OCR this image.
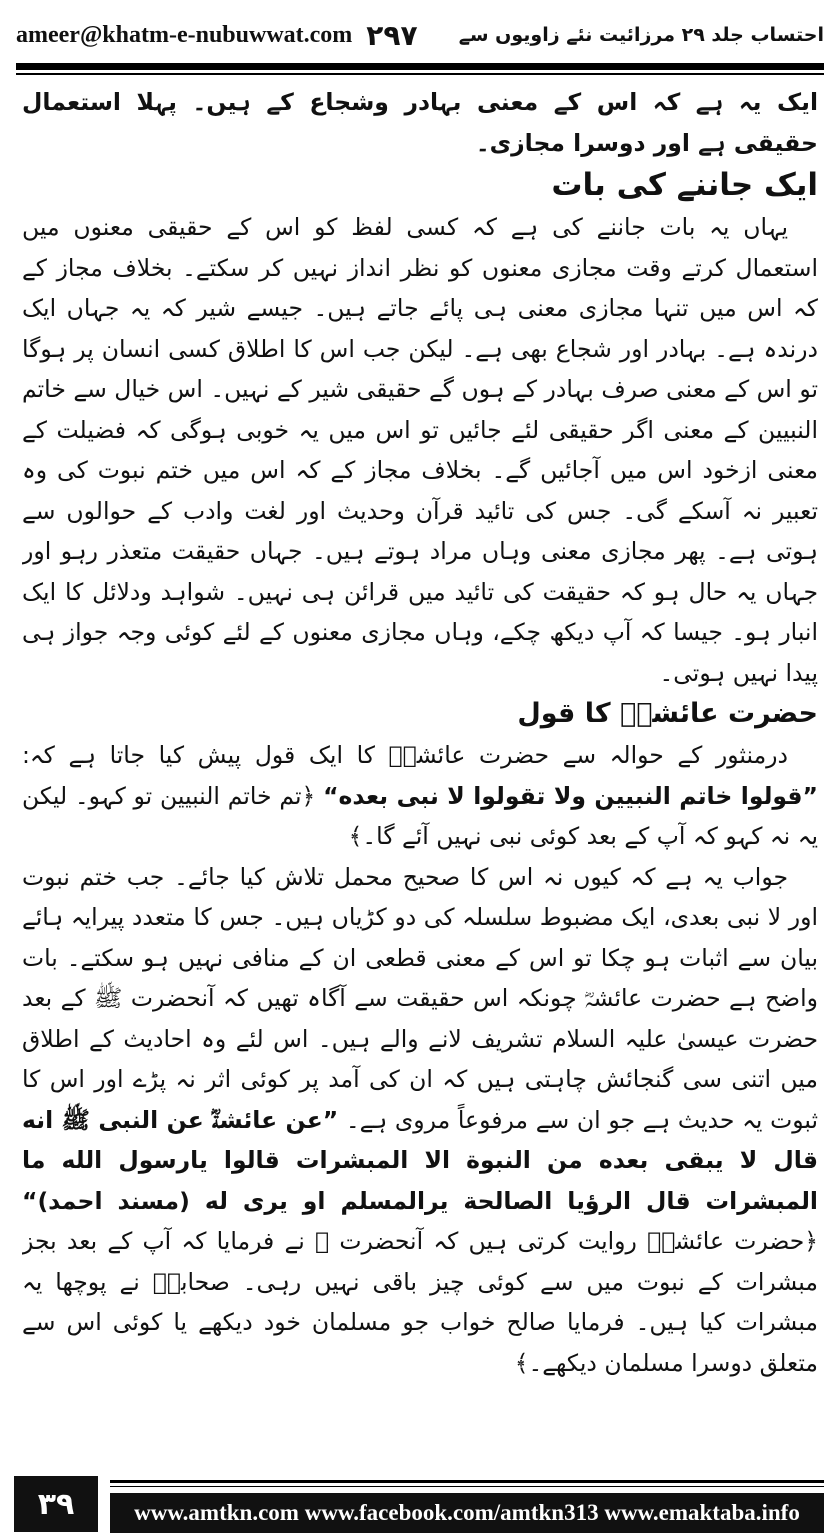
ameer@khatm-e-nubuwwat.com ۲۹۷ احتساب جلد ۲۹ مرزائیت نئے زاویوں سے

ایک یہ ہے کہ اس کے معنی بہادر وشجاع کے ہیں۔ پہلا استعمال حقیقی ہے اور دوسرا مجازی۔

ایک جاننے کی بات

یہاں یہ بات جاننے کی ہے کہ کسی لفظ کو اس کے حقیقی معنوں میں استعمال کرتے وقت مجازی معنوں کو نظر انداز نہیں کر سکتے۔ بخلاف مجاز کے کہ اس میں تنہا مجازی معنی ہی پائے جاتے ہیں۔ جیسے شیر کہ یہ جہاں ایک درندہ ہے۔ بہادر اور شجاع بھی ہے۔ لیکن جب اس کا اطلاق کسی انسان پر ہوگا تو اس کے معنی صرف بہادر کے ہوں گے حقیقی شیر کے نہیں۔ اس خیال سے خاتم النبیین کے معنی اگر حقیقی لئے جائیں تو اس میں یہ خوبی ہوگی کہ فضیلت کے معنی ازخود اس میں آجائیں گے۔ بخلاف مجاز کے کہ اس میں ختم نبوت کی وہ تعبیر نہ آسکے گی۔ جس کی تائید قرآن وحدیث اور لغت وادب کے حوالوں سے ہوتی ہے۔ پھر مجازی معنی وہاں مراد ہوتے ہیں۔ جہاں حقیقت متعذر رہو اور جہاں یہ حال ہو کہ حقیقت کی تائید میں قرائن ہی نہیں۔ شواہد ودلائل کا ایک انبار ہو۔ جیسا کہ آپ دیکھ چکے، وہاں مجازی معنوں کے لئے کوئی وجہ جواز ہی پیدا نہیں ہوتی۔

حضرت عائشہؓ کا قول

درمنثور کے حوالہ سے حضرت عائشہؓ کا ایک قول پیش کیا جاتا ہے کہ: ”قولوا خاتم النبیین ولا تقولوا لا نبی بعده“ ﴿تم خاتم النبیین تو کہو۔ لیکن یہ نہ کہو کہ آپ کے بعد کوئی نبی نہیں آئے گا۔﴾

جواب یہ ہے کہ کیوں نہ اس کا صحیح محمل تلاش کیا جائے۔ جب ختم نبوت اور لا نبی بعدی، ایک مضبوط سلسلہ کی دو کڑیاں ہیں۔ جس کا متعدد پیرایہ ہائے بیان سے اثبات ہو چکا تو اس کے معنی قطعی ان کے منافی نہیں ہو سکتے۔ بات واضح ہے حضرت عائشہؓ چونکہ اس حقیقت سے آگاہ تھیں کہ آنحضرت ﷺ کے بعد حضرت عیسیٰ علیہ السلام تشریف لانے والے ہیں۔ اس لئے وہ احادیث کے اطلاق میں اتنی سی گنجائش چاہتی ہیں کہ ان کی آمد پر کوئی اثر نہ پڑے اور اس کا ثبوت یہ حدیث ہے جو ان سے مرفوعاً مروی ہے۔ ”عن عائشةؓ عن النبی ﷺ انه قال لا یبقی بعده من النبوة الا المبشرات قالوا یارسول الله ما المبشرات قال الرؤیا الصالحة یرالمسلم او یری له (مسند احمد)“ ﴿حضرت عائشہؓ روایت کرتی ہیں کہ آنحضرت ﷺ نے فرمایا کہ آپ کے بعد بجز مبشرات کے نبوت میں سے کوئی چیز باقی نہیں رہی۔ صحابہؓ نے پوچھا یہ مبشرات کیا ہیں۔ فرمایا صالح خواب جو مسلمان خود دیکھے یا کوئی اس سے متعلق دوسرا مسلمان دیکھے۔﴾

۳۹	www.amtkn.com www.facebook.com/amtkn313 www.emaktaba.info
